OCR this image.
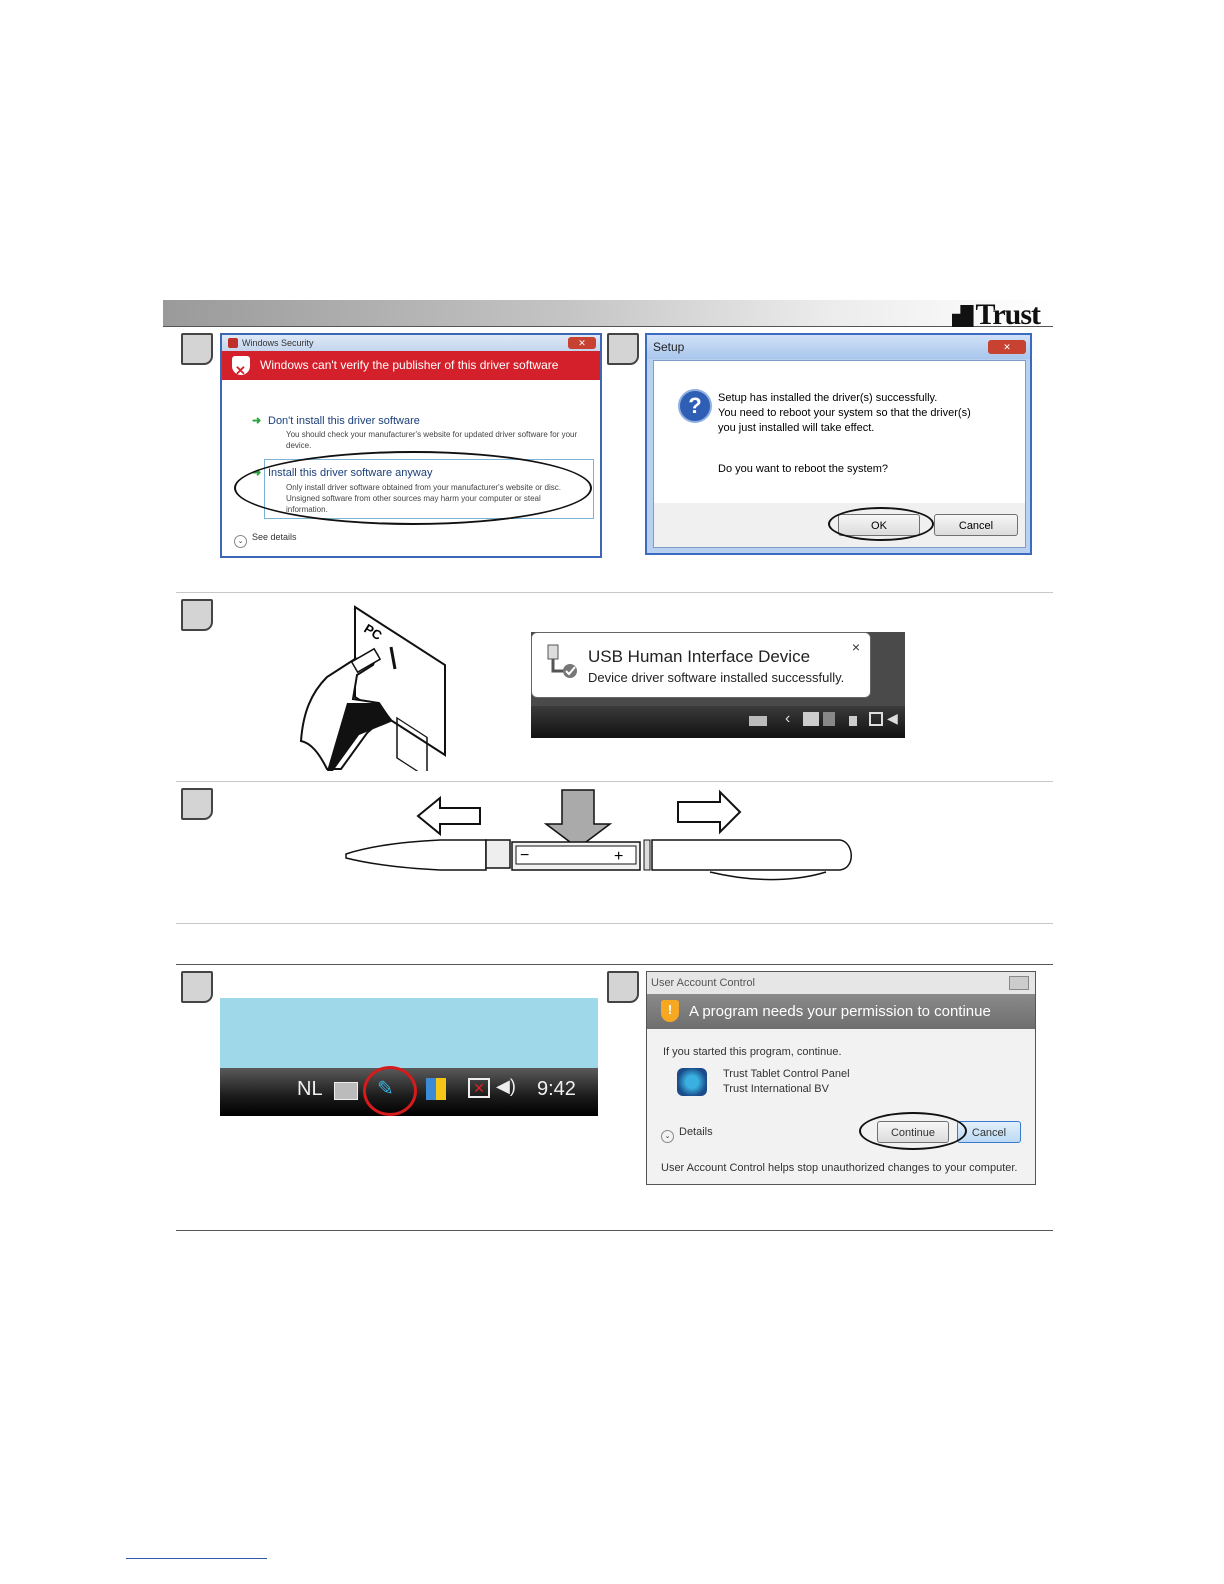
Trust
Windows Security	✕
✕
Windows can't verify the publisher of this driver software
➜ Don't install this driver software
You should check your manufacturer's website for updated driver software for your device.
➜ Install this driver software anyway
Only install driver software obtained from your manufacturer's website or disc. Unsigned software from other sources may harm your computer or steal information.
⌄ See details
Setup	✕
?	Setup has installed the driver(s) successfully.
You need to reboot your system so that the driver(s)
you just installed will take effect.
Do you want to reboot the system?
OK	Cancel
PC
USB Human Interface Device
Device driver software installed successfully.
×
‹	◀
−	+
NL	✎	✕ ◀) 9:42
User Account Control
!	A program needs your permission to continue
If you started this program, continue.
Trust Tablet Control Panel
Trust International BV
⌄ Details	Continue	Cancel
User Account Control helps stop unauthorized changes to your computer.
